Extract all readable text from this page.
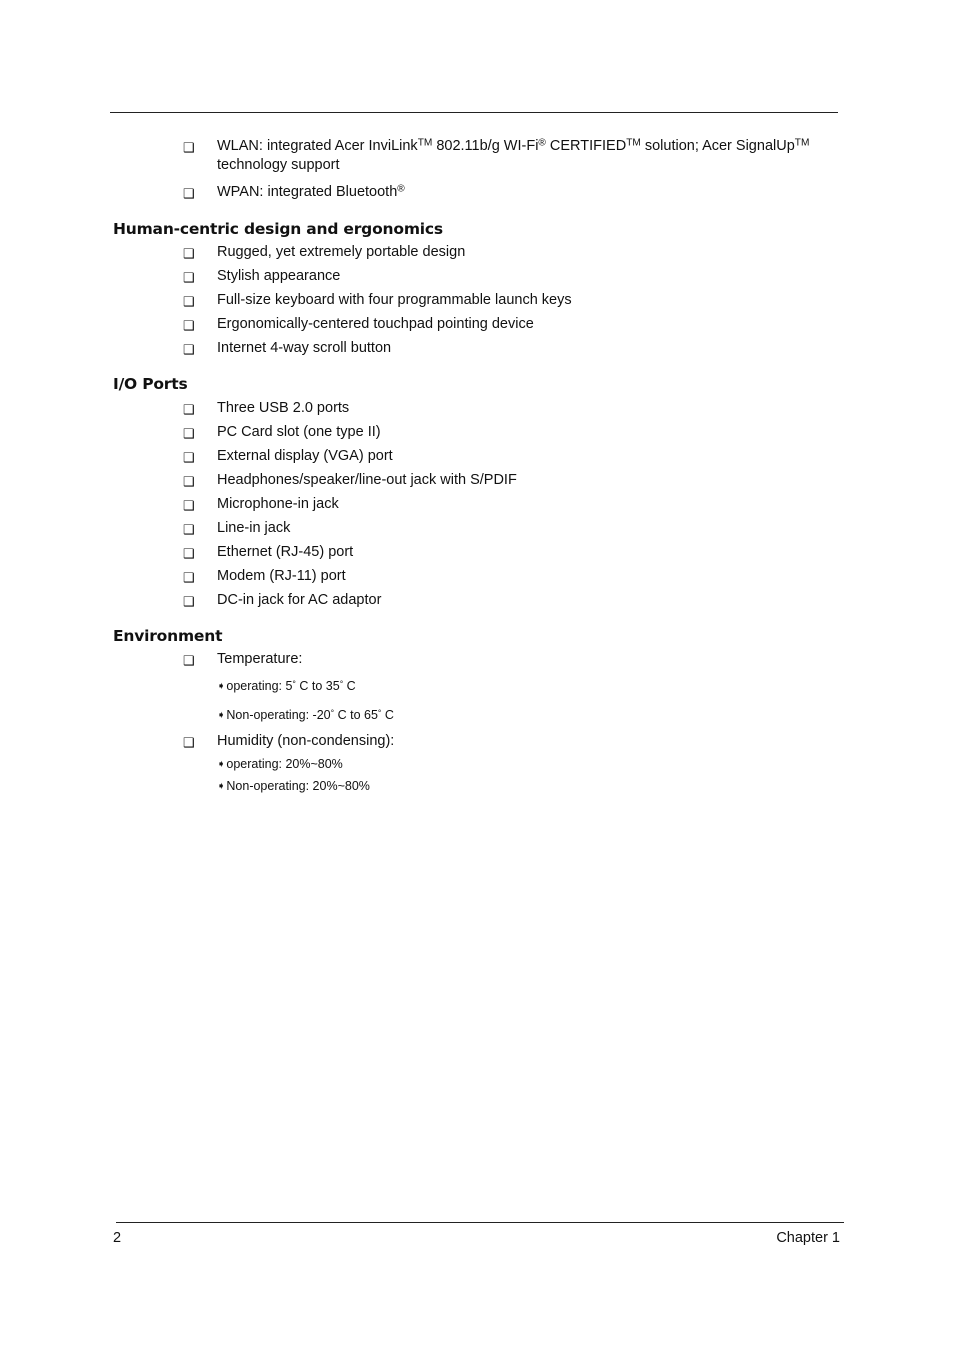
❑ WLAN: integrated Acer InviLink™ 802.11b/g WI-Fi® CERTIFIED™ solution; Acer SignalUp™
technology support
❑ WPAN: integrated Bluetooth®
Human-centric design and ergonomics
❑ Rugged, yet extremely portable design
❑ Stylish appearance
❑ Full-size keyboard with four programmable launch keys
❑ Ergonomically-centered touchpad pointing device
❑ Internet 4-way scroll button
I/O Ports
❑ Three USB 2.0 ports
❑ PC Card slot (one type II)
❑ External display (VGA) port
❑ Headphones/speaker/line-out jack with S/PDIF
❑ Microphone-in jack
❑ Line-in jack
❑ Ethernet (RJ-45) port
❑ Modem (RJ-11) port
❑ DC-in jack for AC adaptor
Environment
❑ Temperature:
➧operating: 5° C to 35° C
➧Non-operating: -20° C to 65° C
❑ Humidity (non-condensing):
➧operating: 20%~80%
➧Non-operating: 20%~80%
2	Chapter 1
